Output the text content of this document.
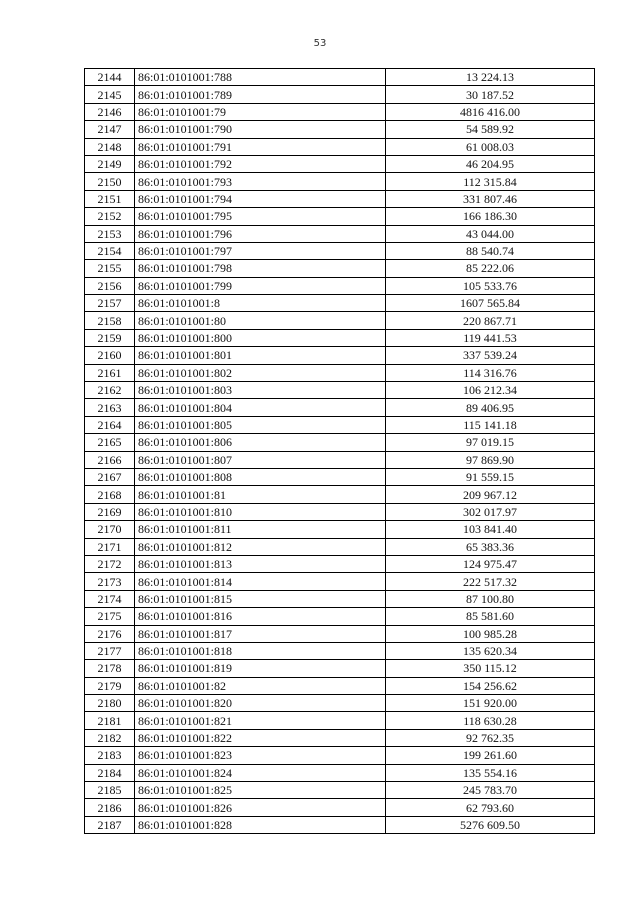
53
2144	86:01:0101001:788	13 224.13
2145	86:01:0101001:789	30 187.52
2146	86:01:0101001:79	4816 416.00
2147	86:01:0101001:790	54 589.92
2148	86:01:0101001:791	61 008.03
2149	86:01:0101001:792	46 204.95
2150	86:01:0101001:793	112 315.84
2151	86:01:0101001:794	331 807.46
2152	86:01:0101001:795	166 186.30
2153	86:01:0101001:796	43 044.00
2154	86:01:0101001:797	88 540.74
2155	86:01:0101001:798	85 222.06
2156	86:01:0101001:799	105 533.76
2157	86:01:0101001:8	1607 565.84
2158	86:01:0101001:80	220 867.71
2159	86:01:0101001:800	119 441.53
2160	86:01:0101001:801	337 539.24
2161	86:01:0101001:802	114 316.76
2162	86:01:0101001:803	106 212.34
2163	86:01:0101001:804	89 406.95
2164	86:01:0101001:805	115 141.18
2165	86:01:0101001:806	97 019.15
2166	86:01:0101001:807	97 869.90
2167	86:01:0101001:808	91 559.15
2168	86:01:0101001:81	209 967.12
2169	86:01:0101001:810	302 017.97
2170	86:01:0101001:811	103 841.40
2171	86:01:0101001:812	65 383.36
2172	86:01:0101001:813	124 975.47
2173	86:01:0101001:814	222 517.32
2174	86:01:0101001:815	87 100.80
2175	86:01:0101001:816	85 581.60
2176	86:01:0101001:817	100 985.28
2177	86:01:0101001:818	135 620.34
2178	86:01:0101001:819	350 115.12
2179	86:01:0101001:82	154 256.62
2180	86:01:0101001:820	151 920.00
2181	86:01:0101001:821	118 630.28
2182	86:01:0101001:822	92 762.35
2183	86:01:0101001:823	199 261.60
2184	86:01:0101001:824	135 554.16
2185	86:01:0101001:825	245 783.70
2186	86:01:0101001:826	62 793.60
2187	86:01:0101001:828	5276 609.50
